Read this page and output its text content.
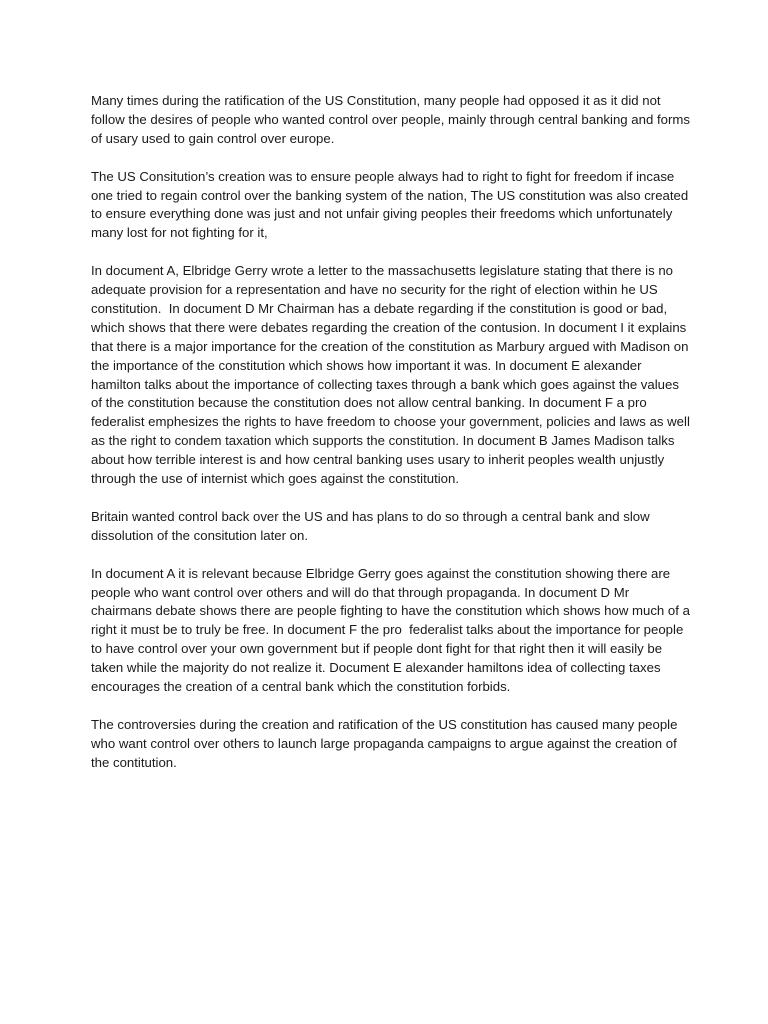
Many times during the ratification of the US Constitution, many people had opposed it as it did not follow the desires of people who wanted control over people, mainly through central banking and forms of usary used to gain control over europe.

The US Consitution’s creation was to ensure people always had to right to fight for freedom if incase one tried to regain control over the banking system of the nation, The US constitution was also created to ensure everything done was just and not unfair giving peoples their freedoms which unfortunately many lost for not fighting for it,

In document A, Elbridge Gerry wrote a letter to the massachusetts legislature stating that there is no adequate provision for a representation and have no security for the right of election within he US constitution.  In document D Mr Chairman has a debate regarding if the constitution is good or bad, which shows that there were debates regarding the creation of the contusion. In document I it explains that there is a major importance for the creation of the constitution as Marbury argued with Madison on the importance of the constitution which shows how important it was. In document E alexander hamilton talks about the importance of collecting taxes through a bank which goes against the values of the constitution because the constitution does not allow central banking. In document F a pro federalist emphesizes the rights to have freedom to choose your government, policies and laws as well as the right to condem taxation which supports the constitution. In document B James Madison talks about how terrible interest is and how central banking uses usary to inherit peoples wealth unjustly through the use of internist which goes against the constitution.

Britain wanted control back over the US and has plans to do so through a central bank and slow dissolution of the consitution later on.

In document A it is relevant because Elbridge Gerry goes against the constitution showing there are people who want control over others and will do that through propaganda. In document D Mr chairmans debate shows there are people fighting to have the constitution which shows how much of a right it must be to truly be free. In document F the pro  federalist talks about the importance for people to have control over your own government but if people dont fight for that right then it will easily be taken while the majority do not realize it. Document E alexander hamiltons idea of collecting taxes encourages the creation of a central bank which the constitution forbids.

The controversies during the creation and ratification of the US constitution has caused many people who want control over others to launch large propaganda campaigns to argue against the creation of the contitution.
